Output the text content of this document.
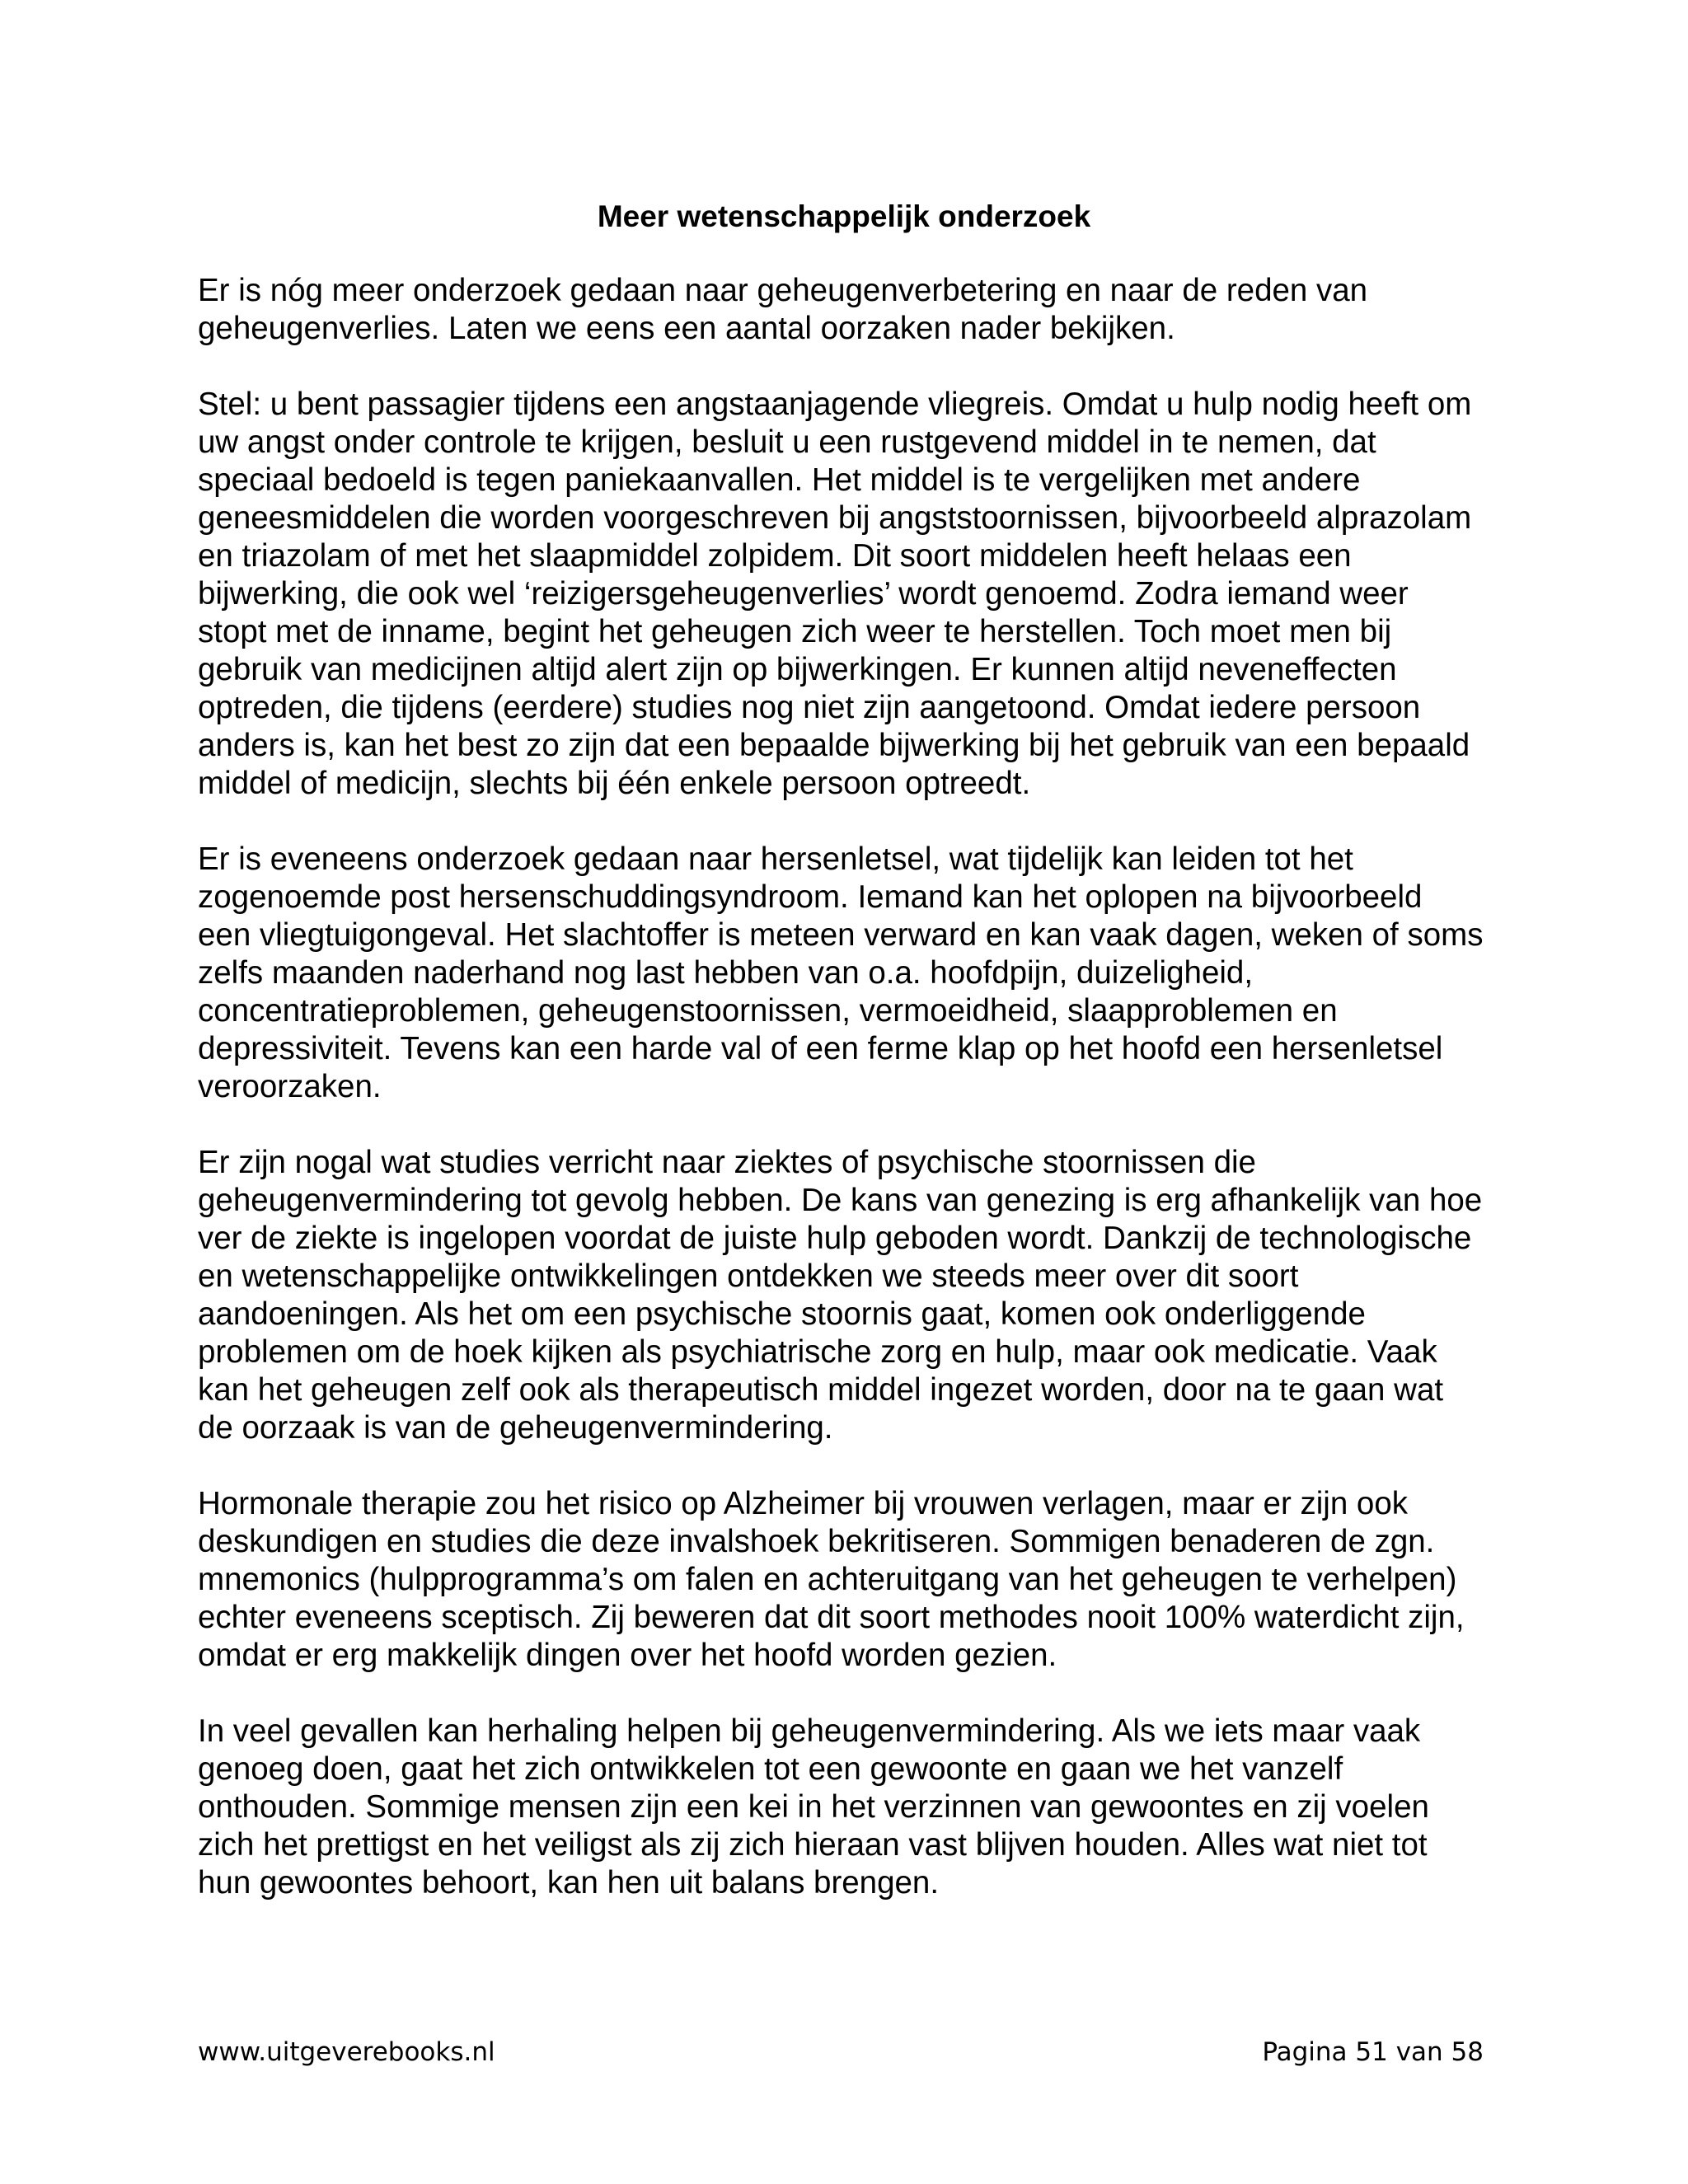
Meer wetenschappelijk onderzoek

Er is nóg meer onderzoek gedaan naar geheugenverbetering en naar de reden van geheugenverlies. Laten we eens een aantal oorzaken nader bekijken.

Stel: u bent passagier tijdens een angstaanjagende vliegreis. Omdat u hulp nodig heeft om uw angst onder controle te krijgen, besluit u een rustgevend middel in te nemen, dat speciaal bedoeld is tegen paniekaanvallen. Het middel is te vergelijken met andere geneesmiddelen die worden voorgeschreven bij angststoornissen, bijvoorbeeld alprazolam en triazolam of met het slaapmiddel zolpidem. Dit soort middelen heeft helaas een bijwerking, die ook wel ‘reizigersgeheugenverlies’ wordt genoemd. Zodra iemand weer stopt met de inname, begint het geheugen zich weer te herstellen. Toch moet men bij gebruik van medicijnen altijd alert zijn op bijwerkingen. Er kunnen altijd neveneffecten optreden, die tijdens (eerdere) studies nog niet zijn aangetoond. Omdat iedere persoon anders is, kan het best zo zijn dat een bepaalde bijwerking bij het gebruik van een bepaald middel of medicijn, slechts bij één enkele persoon optreedt.

Er is eveneens onderzoek gedaan naar hersenletsel, wat tijdelijk kan leiden tot het zogenoemde post hersenschuddingsyndroom. Iemand kan het oplopen na bijvoorbeeld een vliegtuigongeval. Het slachtoffer is meteen verward en kan vaak dagen, weken of soms zelfs maanden naderhand nog last hebben van o.a. hoofdpijn, duizeligheid, concentratieproblemen, geheugenstoornissen, vermoeidheid, slaapproblemen en depressiviteit. Tevens kan een harde val of een ferme klap op het hoofd een hersenletsel veroorzaken.

Er zijn nogal wat studies verricht naar ziektes of psychische stoornissen die geheugenvermindering tot gevolg hebben. De kans van genezing is erg afhankelijk van hoe ver de ziekte is ingelopen voordat de juiste hulp geboden wordt. Dankzij de technologische en wetenschappelijke ontwikkelingen ontdekken we steeds meer over dit soort aandoeningen. Als het om een psychische stoornis gaat, komen ook onderliggende problemen om de hoek kijken als psychiatrische zorg en hulp, maar ook medicatie. Vaak kan het geheugen zelf ook als therapeutisch middel ingezet worden, door na te gaan wat de oorzaak is van de geheugenvermindering.

Hormonale therapie zou het risico op Alzheimer bij vrouwen verlagen, maar er zijn ook deskundigen en studies die deze invalshoek bekritiseren. Sommigen benaderen de zgn. mnemonics (hulpprogramma’s om falen en achteruitgang van het geheugen te verhelpen) echter eveneens sceptisch. Zij beweren dat dit soort methodes nooit 100% waterdicht zijn, omdat er erg makkelijk dingen over het hoofd worden gezien.

In veel gevallen kan herhaling helpen bij geheugenvermindering. Als we iets maar vaak genoeg doen, gaat het zich ontwikkelen tot een gewoonte en gaan we het vanzelf onthouden. Sommige mensen zijn een kei in het verzinnen van gewoontes en zij voelen zich het prettigst en het veiligst als zij zich hieraan vast blijven houden. Alles wat niet tot hun gewoontes behoort, kan hen uit balans brengen.

www.uitgeverebooks.nl	Pagina 51 van 58
